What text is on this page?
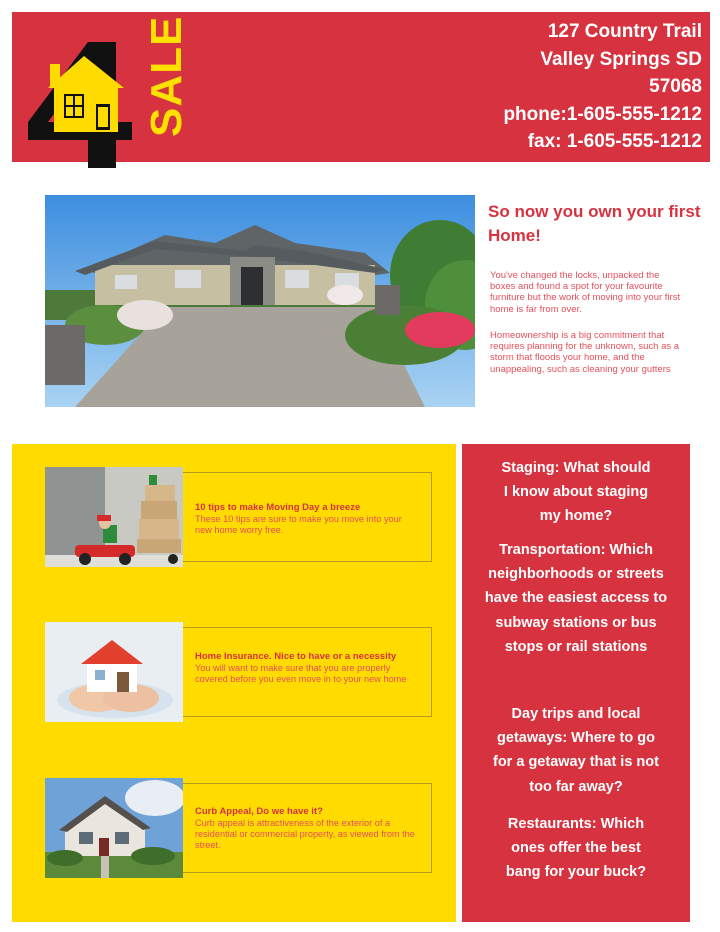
SALE	127 Country Trail
Valley Springs SD
57068
phone:1-605-555-1212
fax: 1-605-555-1212
So now you own your first Home!
You've changed the locks, unpacked the boxes and found a spot for your favourite furniture but the work of moving into your first home is far from over.
Homeownership is a big commitment that requires planning for the unknown, such as a storm that floods your home, and the unappealing, such as cleaning your gutters
10 tips to make Moving Day a breeze
These 10 tips are sure to make you move into your new home worry free.
Home Insurance. Nice to have or a necessity
You will want to make sure that you are properly covered before you even move in to your new home
Curb Appeal, Do we have it?
Curb appeal is attractiveness of the exterior of a residential or commercial property, as viewed from the street.
Staging: What should I know about staging my home?
Transportation: Which neighborhoods or streets have the easiest access to subway stations or bus stops or rail stations
Day trips and local getaways: Where to go for a getaway that is not too far away?
Restaurants: Which ones offer the best bang for your buck?
